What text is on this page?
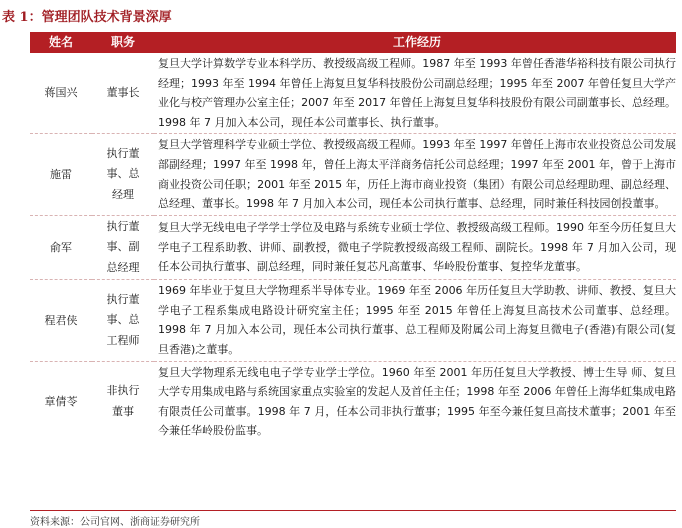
表 1：管理团队技术背景深厚
姓名	职务	工作经历
蒋国兴	董事长	复旦大学计算数学专业本科学历、教授级高级工程师。1987 年至 1993 年曾任香港华裕科技有限公司执行经理；1993 年至 1994 年曾任上海复旦复华科技股份公司副总经理；1995 年至 2007 年曾任复旦大学产业化与校产管理办公室主任；2007 年至 2017 年曾任上海复旦复华科技股份有限公司副董事长、总经理。1998 年 7 月加入本公司，现任本公司董事长、执行董事。
施雷	执行董事、总经理	复旦大学管理科学专业硕士学位、教授级高级工程师。1993 年至 1997 年曾任上海市农业投资总公司发展部副经理；1997 年至 1998 年，曾任上海太平洋商务信托公司总经理；1997 年至 2001 年，曾于上海市商业投资公司任职；2001 年至 2015 年，历任上海市商业投资（集团）有限公司总经理助理、副总经理、总经理、董事长。1998 年 7 月加入本公司，现任本公司执行董事、总经理，同时兼任科技园创投董事。
俞军	执行董事、副总经理	复旦大学无线电电子学学士学位及电路与系统专业硕士学位、教授级高级工程师。1990 年至今历任复旦大学电子工程系助教、讲师、副教授，微电子学院教授级高级工程师、副院长。1998 年 7 月加入公司，现任本公司执行董事、副总经理，同时兼任复芯凡高董事、华岭股份董事、复控华龙董事。
程君侠	执行董事、总工程师	1969 年毕业于复旦大学物理系半导体专业。1969 年至 2006 年历任复旦大学助教、讲师、教授、复旦大学电子工程系集成电路设计研究室主任；1995 年至 2015 年曾任上海复旦高技术公司董事、总经理。1998 年 7 月加入本公司，现任本公司执行董事、总工程师及附属公司上海复旦微电子(香港)有限公司(复旦香港)之董事。
章倩苓	非执行董事	复旦大学物理系无线电电子学专业学士学位。1960 年至 2001 年历任复旦大学教授、博士生导 师、复旦大学专用集成电路与系统国家重点实验室的发起人及首任主任；1998 年至 2006 年曾任上海华虹集成电路有限责任公司董事。1998 年 7 月，任本公司非执行董事；1995 年至今兼任复旦高技术董事；2001 年至今兼任华岭股份监事。
资料来源：公司官网、浙商证券研究所
